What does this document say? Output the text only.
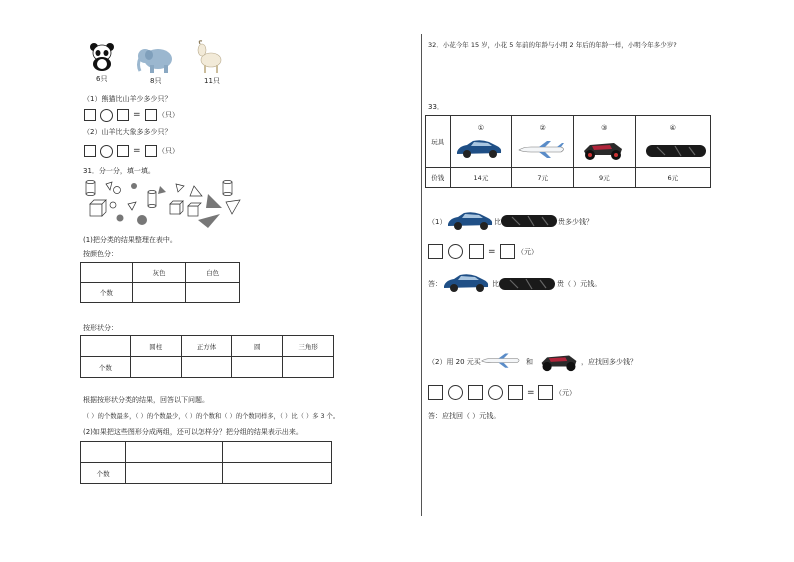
6只	8只	11只
（1）熊猫比山羊少多少只？
= （只）
（2）山羊比大象多多少只？
= （只）
31．分一分，填一填。
(1)把分类的结果整理在表中。
按颜色分：
	灰色	白色
个数		
按形状分：
	圆柱	正方体	圆	三角形
个数				
根据按形状分类的结果，回答以下问题。
（ ）的个数最多，（ ）的个数最少，（ ）的个数和（ ）的个数同样多，（ ）比（ ）多 3 个。
(2)如果把这些图形分成两组，还可以怎样分？把分组的结果表示出来。

个数		
32．小花今年 15 岁，小花 5 年前的年龄与小明 2 年后的年龄一样，小明今年多少岁?
33．
玩具	①	②	③	④

价钱	14元	7元	9元	6元
（1）	比	贵多少钱？
=	（元）
答：	比	贵（ ）元钱。
（2）用 20 元买	和	，应找回多少钱？
=	（元）
答：应找回（ ）元钱。
